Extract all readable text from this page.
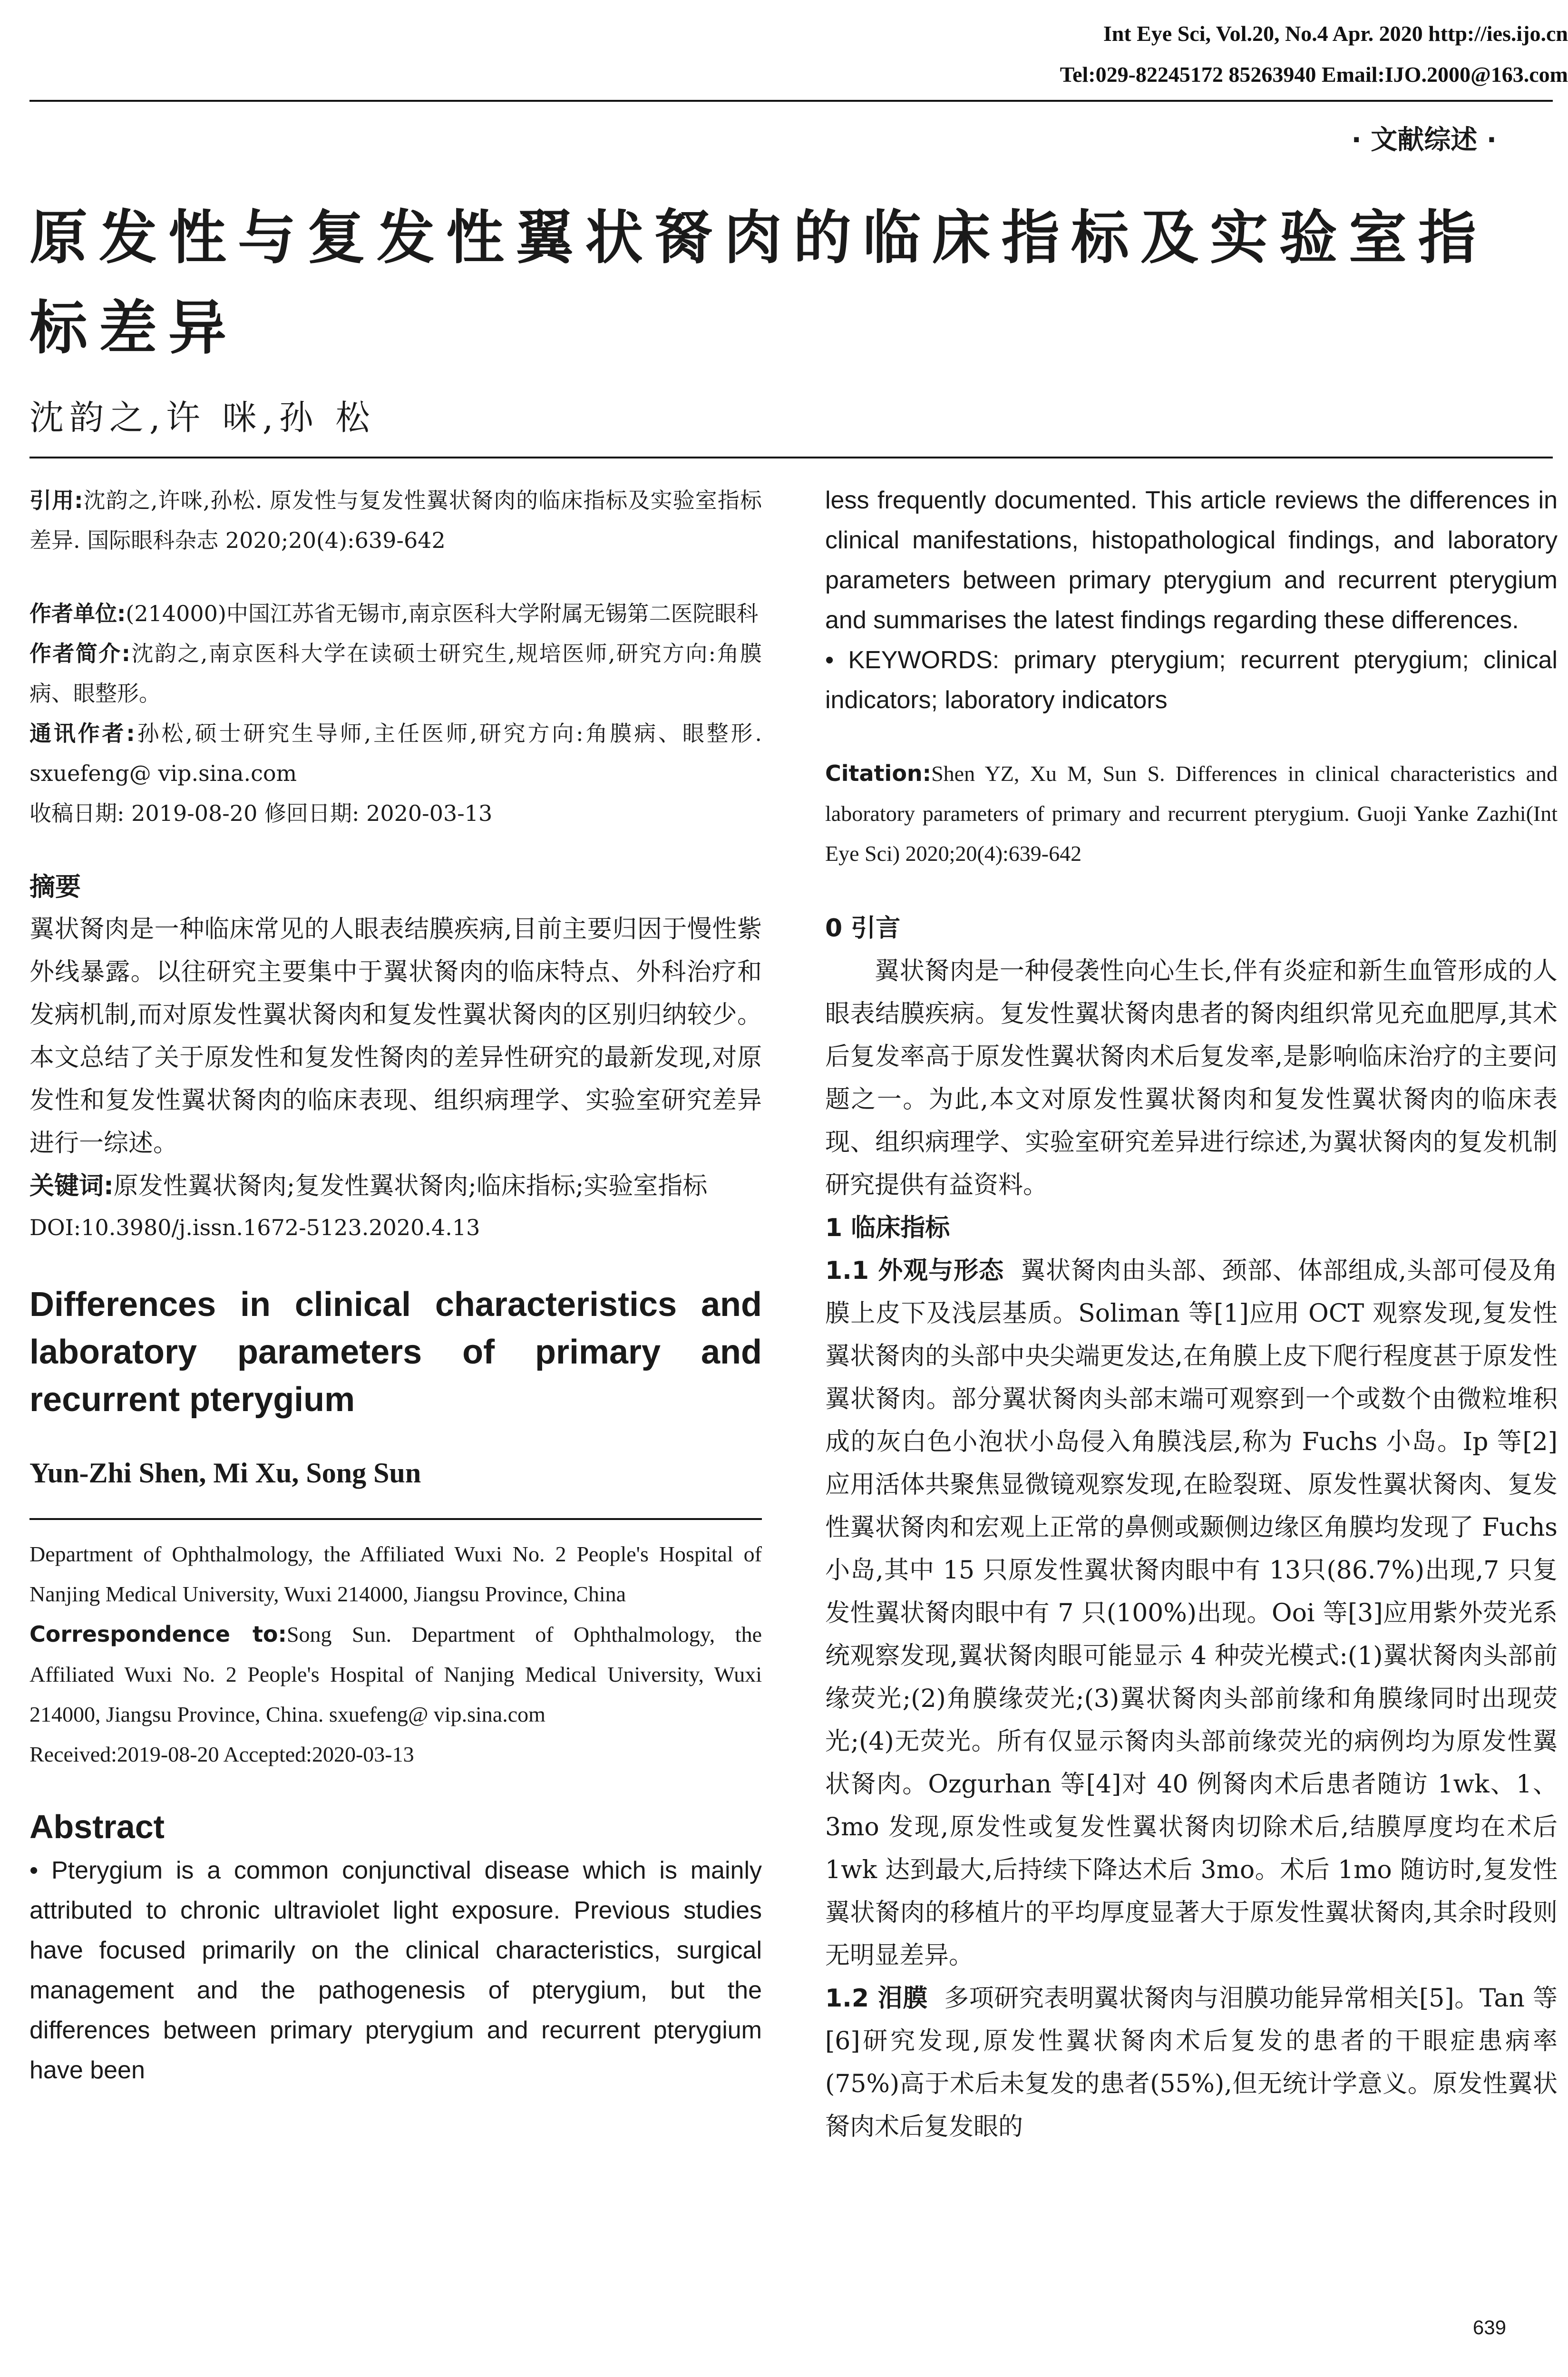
Int Eye Sci, Vol.20, No.4 Apr. 2020 http://ies.ijo.cn
Tel:029-82245172 85263940 Email:IJO.2000@163.com
· 文献综述 ·
原发性与复发性翼状胬肉的临床指标及实验室指标差异
沈韵之,许 咪,孙 松

引用:沈韵之,许咪,孙松. 原发性与复发性翼状胬肉的临床指标及实验室指标差异. 国际眼科杂志 2020;20(4):639-642

作者单位:(214000)中国江苏省无锡市,南京医科大学附属无锡第二医院眼科

作者简介:沈韵之,南京医科大学在读硕士研究生,规培医师,研究方向:角膜病、眼整形。

通讯作者:孙松,硕士研究生导师,主任医师,研究方向:角膜病、眼整形. sxuefeng@ vip.sina.com

收稿日期: 2019-08-20 修回日期: 2020-03-13

摘要

翼状胬肉是一种临床常见的人眼表结膜疾病,目前主要归因于慢性紫外线暴露。以往研究主要集中于翼状胬肉的临床特点、外科治疗和发病机制,而对原发性翼状胬肉和复发性翼状胬肉的区别归纳较少。本文总结了关于原发性和复发性胬肉的差异性研究的最新发现,对原发性和复发性翼状胬肉的临床表现、组织病理学、实验室研究差异进行一综述。

关键词:原发性翼状胬肉;复发性翼状胬肉;临床指标;实验室指标

DOI:10.3980/j.issn.1672-5123.2020.4.13

Differences in clinical characteristics and laboratory parameters of primary and recurrent pterygium

Yun-Zhi Shen, Mi Xu, Song Sun

Department of Ophthalmology, the Affiliated Wuxi No. 2 People's Hospital of Nanjing Medical University, Wuxi 214000, Jiangsu Province, China

Correspondence to:Song Sun. Department of Ophthalmology, the Affiliated Wuxi No. 2 People's Hospital of Nanjing Medical University, Wuxi 214000, Jiangsu Province, China. sxuefeng@ vip.sina.com

Received:2019-08-20 Accepted:2020-03-13

Abstract

• Pterygium is a common conjunctival disease which is mainly attributed to chronic ultraviolet light exposure. Previous studies have focused primarily on the clinical characteristics, surgical management and the pathogenesis of pterygium, but the differences between primary pterygium and recurrent pterygium have been

less frequently documented. This article reviews the differences in clinical manifestations, histopathological findings, and laboratory parameters between primary pterygium and recurrent pterygium and summarises the latest findings regarding these differences.

• KEYWORDS: primary pterygium; recurrent pterygium; clinical indicators; laboratory indicators

Citation:Shen YZ, Xu M, Sun S. Differences in clinical characteristics and laboratory parameters of primary and recurrent pterygium. Guoji Yanke Zazhi(Int Eye Sci) 2020;20(4):639-642

0 引言

翼状胬肉是一种侵袭性向心生长,伴有炎症和新生血管形成的人眼表结膜疾病。复发性翼状胬肉患者的胬肉组织常见充血肥厚,其术后复发率高于原发性翼状胬肉术后复发率,是影响临床治疗的主要问题之一。为此,本文对原发性翼状胬肉和复发性翼状胬肉的临床表现、组织病理学、实验室研究差异进行综述,为翼状胬肉的复发机制研究提供有益资料。

1 临床指标

1.1 外观与形态 翼状胬肉由头部、颈部、体部组成,头部可侵及角膜上皮下及浅层基质。Soliman 等[1]应用 OCT 观察发现,复发性翼状胬肉的头部中央尖端更发达,在角膜上皮下爬行程度甚于原发性翼状胬肉。部分翼状胬肉头部末端可观察到一个或数个由微粒堆积成的灰白色小泡状小岛侵入角膜浅层,称为 Fuchs 小岛。Ip 等[2]应用活体共聚焦显微镜观察发现,在睑裂斑、原发性翼状胬肉、复发性翼状胬肉和宏观上正常的鼻侧或颞侧边缘区角膜均发现了 Fuchs 小岛,其中 15 只原发性翼状胬肉眼中有 13只(86.7%)出现,7 只复发性翼状胬肉眼中有 7 只(100%)出现。Ooi 等[3]应用紫外荧光系统观察发现,翼状胬肉眼可能显示 4 种荧光模式:(1)翼状胬肉头部前缘荧光;(2)角膜缘荧光;(3)翼状胬肉头部前缘和角膜缘同时出现荧光;(4)无荧光。所有仅显示胬肉头部前缘荧光的病例均为原发性翼状胬肉。Ozgurhan 等[4]对 40 例胬肉术后患者随访 1wk、1、3mo 发现,原发性或复发性翼状胬肉切除术后,结膜厚度均在术后 1wk 达到最大,后持续下降达术后 3mo。术后 1mo 随访时,复发性翼状胬肉的移植片的平均厚度显著大于原发性翼状胬肉,其余时段则无明显差异。

1.2 泪膜 多项研究表明翼状胬肉与泪膜功能异常相关[5]。Tan 等[6]研究发现,原发性翼状胬肉术后复发的患者的干眼症患病率(75%)高于术后未复发的患者(55%),但无统计学意义。原发性翼状胬肉术后复发眼的

639
